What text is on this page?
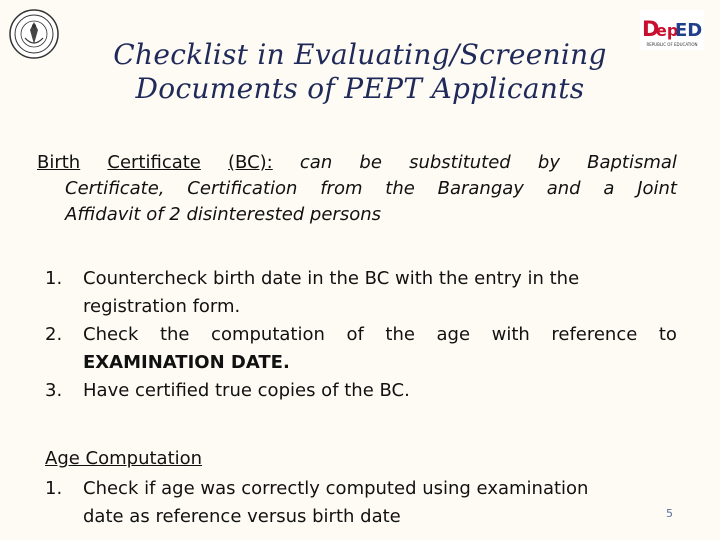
D
ep
ED
REPUBLIC OF EDUCATION
Checklist in Evaluating/Screening
Documents of PEPT Applicants
Birth Certificate (BC): can be substituted by Baptismal
Certificate, Certification from the Barangay and a Joint
Affidavit of 2 disinterested persons
1.	Countercheck birth date in the BC with the entry in the
registration form.
2.	Check the computation of the age with reference to
EXAMINATION DATE.
3.	Have certified true copies of the BC.
Age Computation
1.	Check if age was correctly computed using examination
date as reference versus birth date	5
